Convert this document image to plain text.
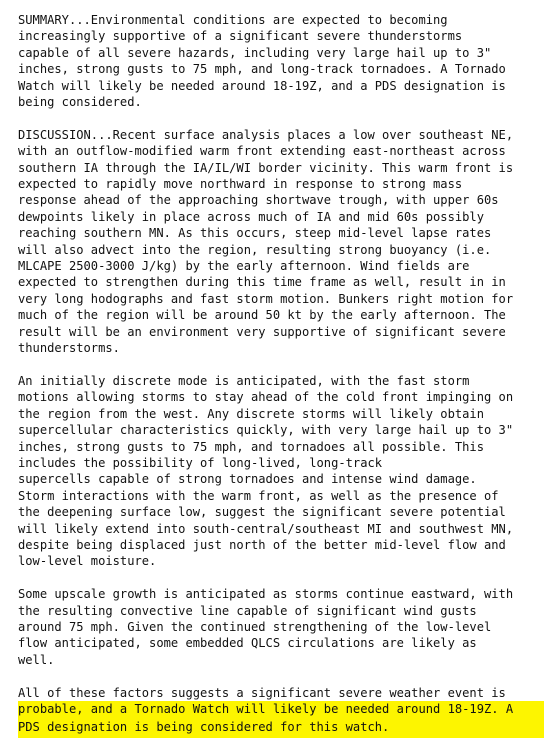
SUMMARY...Environmental conditions are expected to becoming
increasingly supportive of a significant severe thunderstorms
capable of all severe hazards, including very large hail up to 3"
inches, strong gusts to 75 mph, and long-track tornadoes. A Tornado
Watch will likely be needed around 18-19Z, and a PDS designation is
being considered.
DISCUSSION...Recent surface analysis places a low over southeast NE,
with an outflow-modified warm front extending east-northeast across
southern IA through the IA/IL/WI border vicinity. This warm front is
expected to rapidly move northward in response to strong mass
response ahead of the approaching shortwave trough, with upper 60s
dewpoints likely in place across much of IA and mid 60s possibly
reaching southern MN. As this occurs, steep mid-level lapse rates
will also advect into the region, resulting strong buoyancy (i.e.
MLCAPE 2500-3000 J/kg) by the early afternoon. Wind fields are
expected to strengthen during this time frame as well, result in in
very long hodographs and fast storm motion. Bunkers right motion for
much of the region will be around 50 kt by the early afternoon. The
result will be an environment very supportive of significant severe
thunderstorms.
An initially discrete mode is anticipated, with the fast storm
motions allowing storms to stay ahead of the cold front impinging on
the region from the west. Any discrete storms will likely obtain
supercellular characteristics quickly, with very large hail up to 3"
inches, strong gusts to 75 mph, and tornadoes all possible. This
includes the possibility of long-lived, long-track
supercells capable of strong tornadoes and intense wind damage.
Storm interactions with the warm front, as well as the presence of
the deepening surface low, suggest the significant severe potential
will likely extend into south-central/southeast MI and southwest MN,
despite being displaced just north of the better mid-level flow and
low-level moisture.
Some upscale growth is anticipated as storms continue eastward, with
the resulting convective line capable of significant wind gusts
around 75 mph. Given the continued strengthening of the low-level
flow anticipated, some embedded QLCS circulations are likely as
well.
All of these factors suggests a significant severe weather event is
probable, and a Tornado Watch will likely be needed around 18-19Z. A
PDS designation is being considered for this watch.
